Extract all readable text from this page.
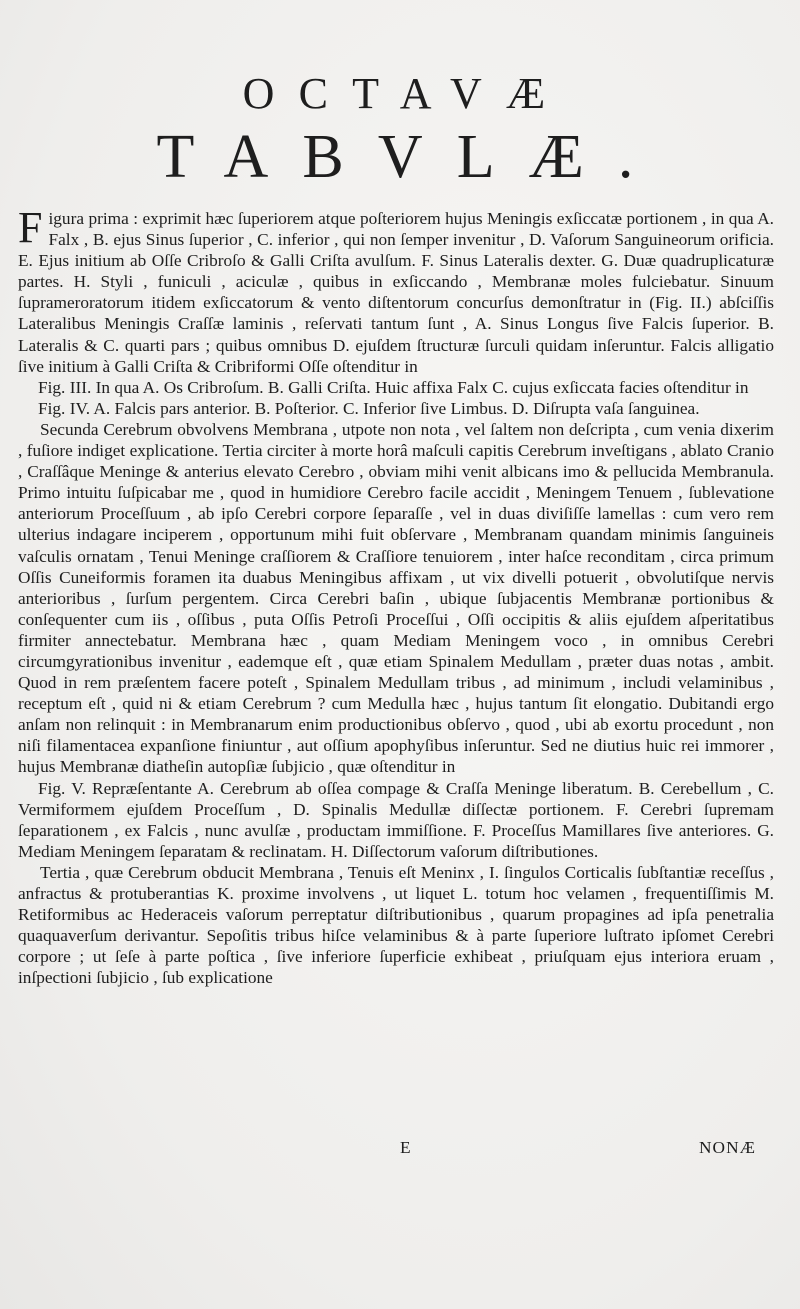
OCTAVÆ
TABVLÆ.

Figura prima : exprimit hæc ſuperiorem atque poſteriorem hujus Meningis exſiccatæ portionem , in qua A. Falx , B. ejus Sinus ſuperior , C. inferior , qui non ſemper invenitur , D. Vaſorum Sanguineorum orificia. E. Ejus initium ab Oſſe Cribroſo & Galli Criſta avulſum. F. Sinus Lateralis dexter. G. Duæ quadruplicaturæ partes. H. Styli , funiculi , aciculæ , quibus in exſiccando , Membranæ moles fulciebatur. Sinuum ſuprameroratorum itidem exſiccatorum & vento diſtentorum concurſus demonſtratur in (Fig. II.) abſciſſis Lateralibus Meningis Craſſæ laminis , reſervati tantum ſunt , A. Sinus Longus ſive Falcis ſuperior. B. Lateralis & C. quarti pars ; quibus omnibus D. ejuſdem ſtructuræ ſurculi quidam inſeruntur. Falcis alligatio ſive initium à Galli Criſta & Cribriformi Oſſe oſtenditur in

Fig. III. In qua A. Os Cribroſum. B. Galli Criſta. Huic affixa Falx C. cujus exſiccata facies oſtenditur in

Fig. IV. A. Falcis pars anterior. B. Poſterior. C. Inferior ſive Limbus. D. Diſrupta vaſa ſanguinea.

Secunda Cerebrum obvolvens Membrana , utpote non nota , vel ſaltem non deſcripta , cum venia dixerim , fuſiore indiget explicatione. Tertia circiter à morte horâ maſculi capitis Cerebrum inveſtigans , ablato Cranio , Craſſâque Meninge & anterius elevato Cerebro , obviam mihi venit albicans imo & pellucida Membranula. Primo intuitu ſuſpicabar me , quod in humidiore Cerebro facile accidit , Meningem Tenuem , ſublevatione anteriorum Proceſſuum , ab ipſo Cerebri corpore ſeparaſſe , vel in duas diviſiſſe lamellas : cum vero rem ulterius indagare inciperem , opportunum mihi fuit obſervare , Membranam quandam minimis ſanguineis vaſculis ornatam , Tenui Meninge craſſiorem & Craſſiore tenuiorem , inter haſce reconditam , circa primum Oſſis Cuneiformis foramen ita duabus Meningibus affixam , ut vix divelli potuerit , obvolutiſque nervis anterioribus , ſurſum pergentem. Circa Cerebri baſin , ubique ſubjacentis Membranæ portionibus & conſequenter cum iis , oſſibus , puta Oſſis Petroſi Proceſſui , Oſſi occipitis & aliis ejuſdem aſperitatibus firmiter annectebatur. Membrana hæc , quam Mediam Meningem voco , in omnibus Cerebri circumgyrationibus invenitur , eademque eſt , quæ etiam Spinalem Medullam , præter duas notas , ambit. Quod in rem præſentem facere poteſt , Spinalem Medullam tribus , ad minimum , includi velaminibus , receptum eſt , quid ni & etiam Cerebrum ? cum Medulla hæc , hujus tantum ſit elongatio. Dubitandi ergo anſam non relinquit : in Membranarum enim productionibus obſervo , quod , ubi ab exortu procedunt , non niſi filamentacea expanſione finiuntur , aut oſſium apophyſibus inſeruntur. Sed ne diutius huic rei immorer , hujus Membranæ diatheſin autopſiæ ſubjicio , quæ oſtenditur in

Fig. V. Repræſentante A. Cerebrum ab oſſea compage & Craſſa Meninge liberatum. B. Cerebellum , C. Vermiformem ejuſdem Proceſſum , D. Spinalis Medullæ diſſectæ portionem. F. Cerebri ſupremam ſeparationem , ex Falcis , nunc avulſæ , productam immiſſione. F. Proceſſus Mamillares ſive anteriores. G. Mediam Meningem ſeparatam & reclinatam. H. Diſſectorum vaſorum diſtributiones.

Tertia , quæ Cerebrum obducit Membrana , Tenuis eſt Meninx , I. ſingulos Corticalis ſubſtantiæ receſſus , anfractus & protuberantias K. proxime involvens , ut liquet L. totum hoc velamen , frequentiſſimis M. Retiformibus ac Hederaceis vaſorum perreptatur diſtributionibus , quarum propagines ad ipſa penetralia quaquaverſum derivantur. Sepoſitis tribus hiſce velaminibus & à parte ſuperiore luſtrato ipſomet Cerebri corpore ; ut ſeſe à parte poſtica , ſive inferiore ſuperficie exhibeat , priuſquam ejus interiora eruam , inſpectioni ſubjicio , ſub explicatione

E	NONÆ
